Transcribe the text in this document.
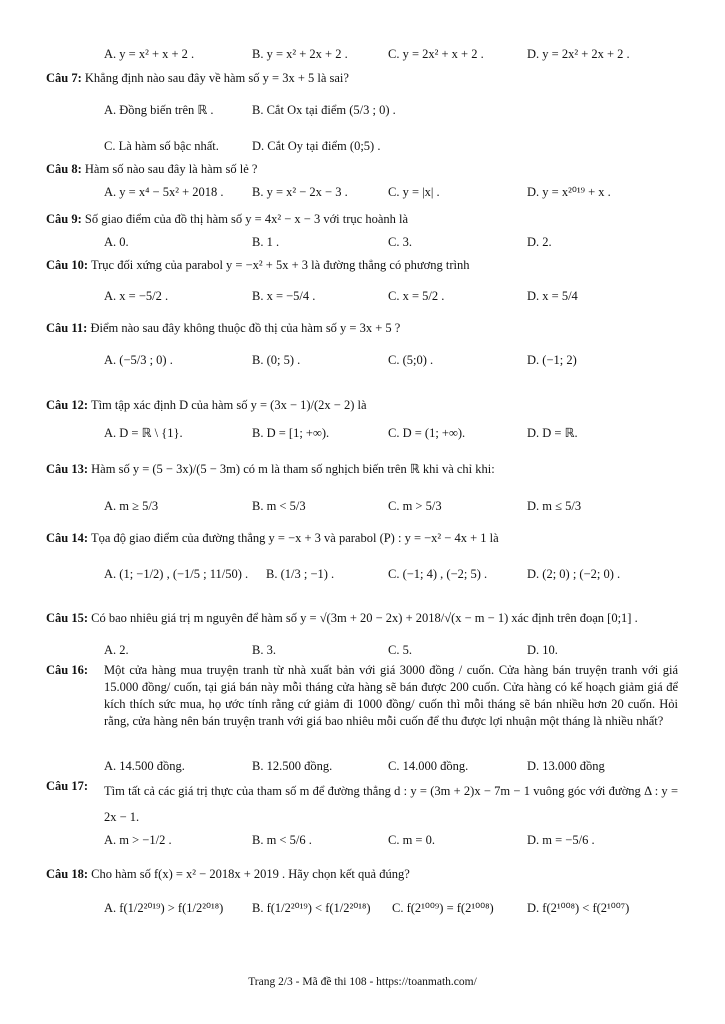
A. y = x² + x + 2 .	B. y = x² + 2x + 2 .	C. y = 2x² + x + 2 .	D. y = 2x² + 2x + 2 .
Câu 7: Khẳng định nào sau đây về hàm số y = 3x + 5 là sai?
A. Đồng biến trên ℝ .	B. Cắt Ox tại điểm (5/3 ; 0) .
C. Là hàm số bậc nhất.	D. Cắt Oy tại điểm (0;5) .
Câu 8: Hàm số nào sau đây là hàm số lẻ ?
A. y = x⁴ − 5x² + 2018 . B. y = x² − 2x − 3 .	C. y = |x| .	D. y = x²⁰¹⁹ + x .
Câu 9: Số giao điểm của đồ thị hàm số y = 4x² − x − 3 với trục hoành là
A. 0.	B. 1 .	C. 3.	D. 2.
Câu 10: Trục đối xứng của parabol y = −x² + 5x + 3 là đường thẳng có phương trình
A. x = −5/2 .	B. x = −5/4 .	C. x = 5/2 .	D. x = 5/4
Câu 11: Điểm nào sau đây không thuộc đồ thị của hàm số y = 3x + 5 ?
A. (−5/3 ; 0) .	B. (0; 5) .	C. (5;0) .	D. (−1; 2)
Câu 12: Tìm tập xác định D của hàm số y = (3x − 1)/(2x − 2) là
A. D = ℝ \ {1}.	B. D = [1; +∞).	C. D = (1; +∞).	D. D = ℝ.
Câu 13: Hàm số y = (5 − 3x)/(5 − 3m) có m là tham số nghịch biến trên ℝ khi và chỉ khi:
A. m ≥ 5/3	B. m < 5/3	C. m > 5/3	D. m ≤ 5/3
Câu 14: Tọa độ giao điểm của đường thẳng y = −x + 3 và parabol (P) : y = −x² − 4x + 1 là
A. (1; −1/2) , (−1/5 ; 11/50) . B. (1/3 ; −1) .	C. (−1; 4) , (−2; 5) .	D. (2; 0) ; (−2; 0) .
Câu 15: Có bao nhiêu giá trị m nguyên để hàm số y = √(3m + 20 − 2x) + 2018/√(x − m − 1) xác định trên đoạn [0;1] .
A. 2.	B. 3.	C. 5.	D. 10.
Câu 16: Một cửa hàng mua truyện tranh từ nhà xuất bản với giá 3000 đồng / cuốn. Cửa hàng bán truyện tranh với giá 15.000 đồng/ cuốn, tại giá bán này mỗi tháng cửa hàng sẽ bán được 200 cuốn. Cửa hàng có kế hoạch giảm giá để kích thích sức mua, họ ước tính rằng cứ giảm đi 1000 đồng/ cuốn thì mỗi tháng sẽ bán nhiều hơn 20 cuốn. Hỏi rằng, cửa hàng nên bán truyện tranh với giá bao nhiêu mỗi cuốn để thu được lợi nhuận một tháng là nhiều nhất?
A. 14.500 đồng.	B. 12.500 đồng.	C. 14.000 đồng.	D. 13.000 đồng
Câu 17: Tìm tất cả các giá trị thực của tham số m để đường thẳng d : y = (3m + 2)x − 7m − 1 vuông góc với đường Δ : y = 2x − 1.
A. m > −1/2 .	B. m < 5/6 .	C. m = 0.	D. m = −5/6 .
Câu 18: Cho hàm số f(x) = x² − 2018x + 2019 . Hãy chọn kết quả đúng?
A. f(1/2²⁰¹⁹) > f(1/2²⁰¹⁸) B. f(1/2²⁰¹⁹) < f(1/2²⁰¹⁸) C. f(2¹⁰⁰⁹) = f(2¹⁰⁰⁸)	D. f(2¹⁰⁰⁸) < f(2¹⁰⁰⁷)
Trang 2/3 - Mã đề thi 108 - https://toanmath.com/
